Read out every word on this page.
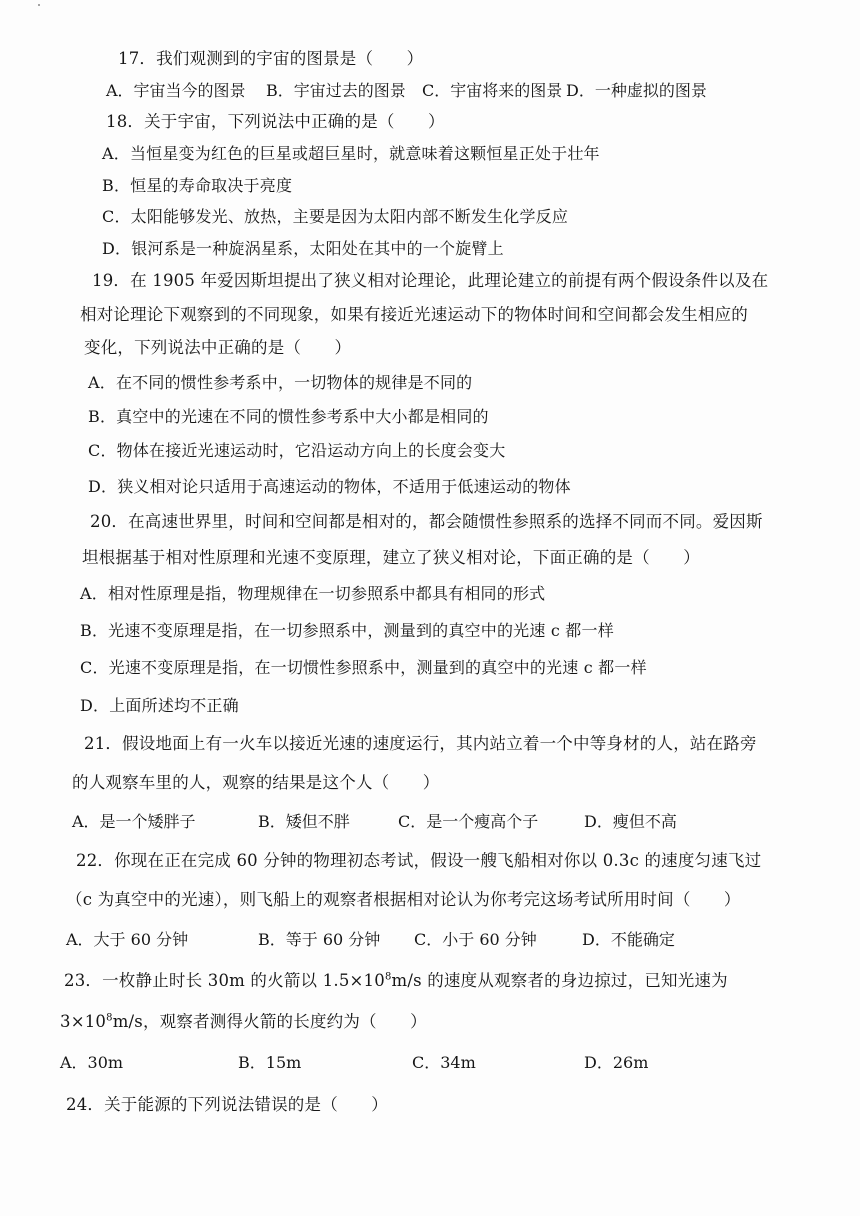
17．我们观测到的宇宙的图景是（　　）
A．宇宙当今的图景 B．宇宙过去的图景 C．宇宙将来的图景 D．一种虚拟的图景
18．关于宇宙，下列说法中正确的是（　　）
A．当恒星变为红色的巨星或超巨星时，就意味着这颗恒星正处于壮年
B．恒星的寿命取决于亮度
C．太阳能够发光、放热，主要是因为太阳内部不断发生化学反应
D．银河系是一种旋涡星系，太阳处在其中的一个旋臂上
19．在 1905 年爱因斯坦提出了狭义相对论理论，此理论建立的前提有两个假设条件以及在
相对论理论下观察到的不同现象，如果有接近光速运动下的物体时间和空间都会发生相应的
变化，下列说法中正确的是（　　）
A．在不同的惯性参考系中，一切物体的规律是不同的
B．真空中的光速在不同的惯性参考系中大小都是相同的
C．物体在接近光速运动时，它沿运动方向上的长度会变大
D．狭义相对论只适用于高速运动的物体，不适用于低速运动的物体
20．在高速世界里，时间和空间都是相对的，都会随惯性参照系的选择不同而不同。爱因斯
坦根据基于相对性原理和光速不变原理，建立了狭义相对论，下面正确的是（　　）
A．相对性原理是指，物理规律在一切参照系中都具有相同的形式
B．光速不变原理是指，在一切参照系中，测量到的真空中的光速 c 都一样
C．光速不变原理是指，在一切惯性参照系中，测量到的真空中的光速 c 都一样
D．上面所述均不正确
21．假设地面上有一火车以接近光速的速度运行，其内站立着一个中等身材的人，站在路旁
的人观察车里的人，观察的结果是这个人（　　）
A．是一个矮胖子	B．矮但不胖	C．是一个瘦高个子	D．瘦但不高
22．你现在正在完成 60 分钟的物理初态考试，假设一艘飞船相对你以 0.3c 的速度匀速飞过
（c 为真空中的光速），则飞船上的观察者根据相对论认为你考完这场考试所用时间（　　）
A．大于 60 分钟	B．等于 60 分钟 C．小于 60 分钟	D．不能确定
23．一枚静止时长 30m 的火箭以 $1.5\times 10^8m/s$ 的速度从观察者的身边掠过，已知光速为
$3\times 10^8m/s$，观察者测得火箭的长度约为（　　）
A．30m	B．15m	C．34m	D．26m
24．关于能源的下列说法错误的是（　　）
